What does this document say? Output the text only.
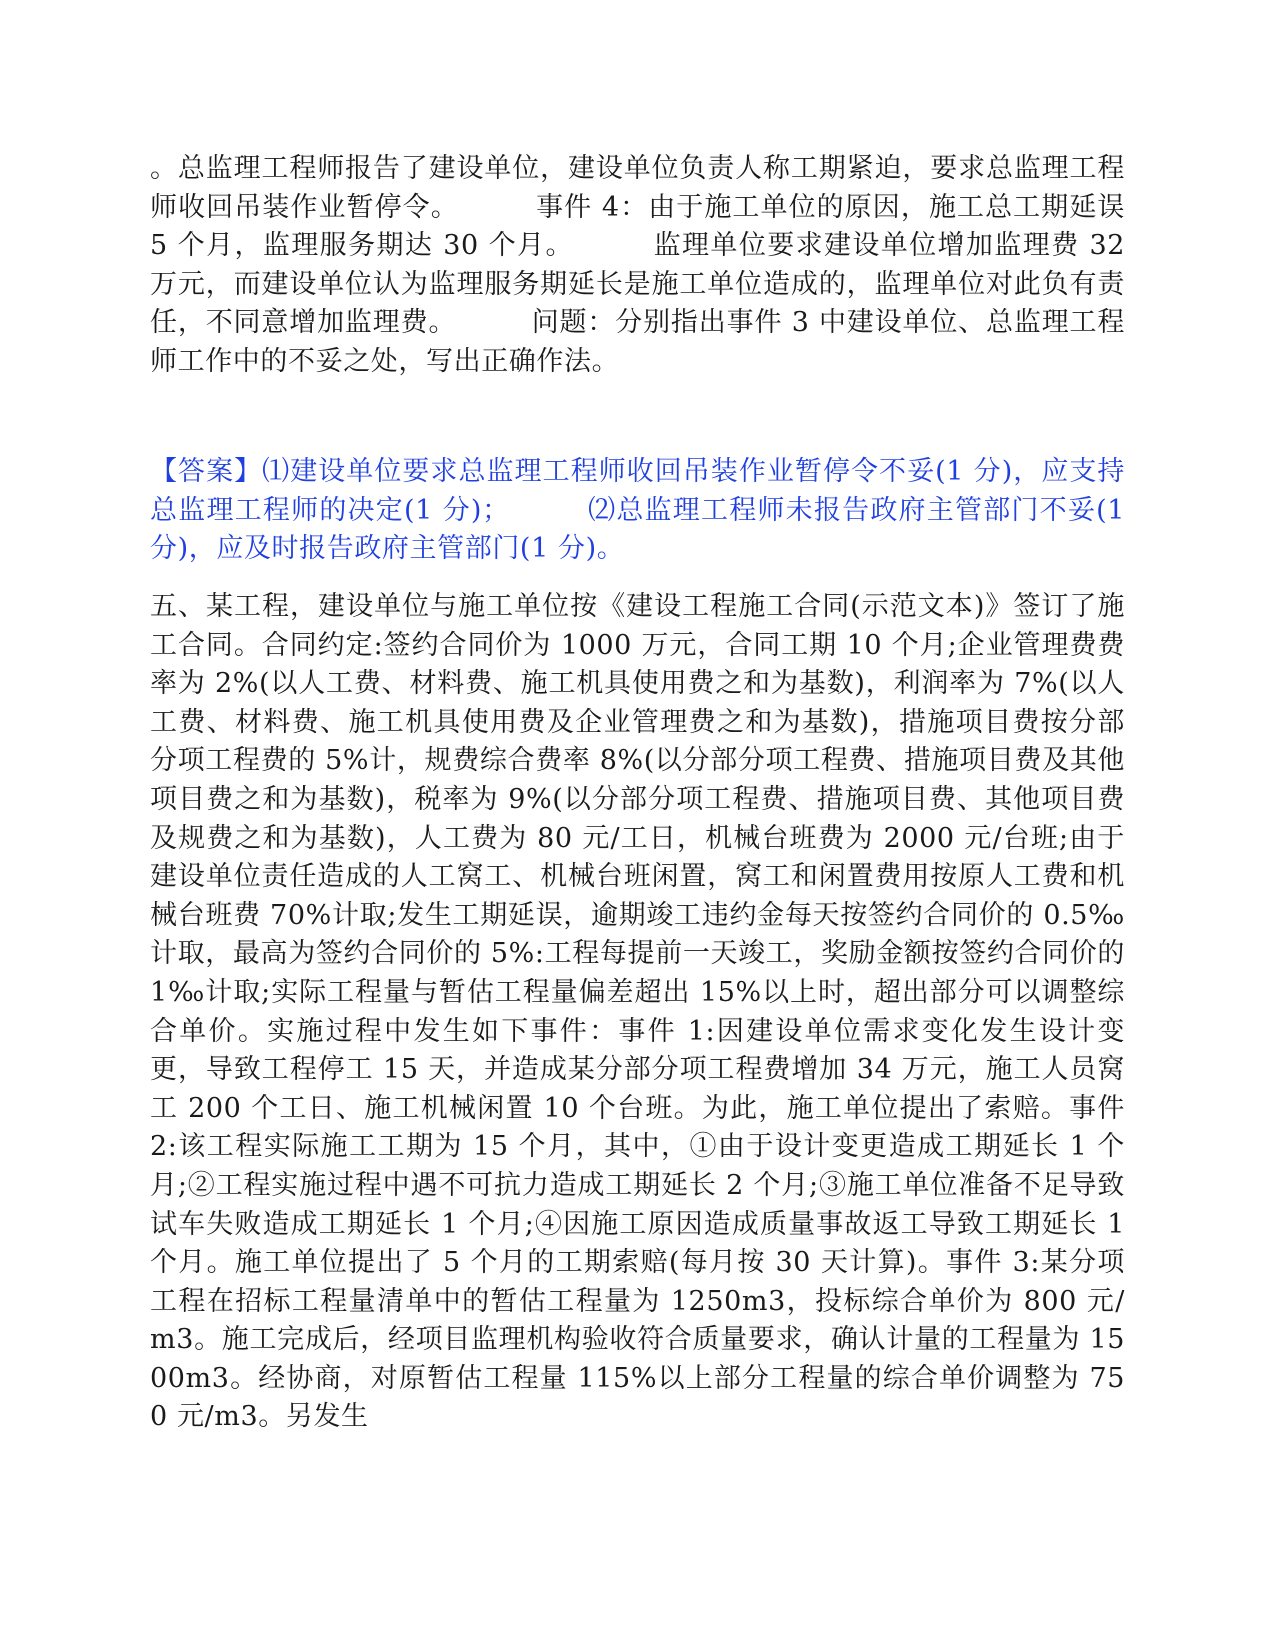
。总监理工程师报告了建设单位，建设单位负责人称工期紧迫，要求总监理工程师收回吊装作业暂停令。        事件 4：由于施工单位的原因，施工总工期延误 5 个月，监理服务期达 30 个月。        监理单位要求建设单位增加监理费 32 万元，而建设单位认为监理服务期延长是施工单位造成的，监理单位对此负有责任，不同意增加监理费。        问题：分别指出事件 3 中建设单位、总监理工程师工作中的不妥之处，写出正确作法。
【答案】⑴建设单位要求总监理工程师收回吊装作业暂停令不妥(1 分)，应支持总监理工程师的决定(1 分)；        ⑵总监理工程师未报告政府主管部门不妥(1 分)，应及时报告政府主管部门(1 分)。
五、某工程，建设单位与施工单位按《建设工程施工合同(示范文本)》签订了施工合同。合同约定:签约合同价为 1000 万元，合同工期 10 个月;企业管理费费率为 2%(以人工费、材料费、施工机具使用费之和为基数)，利润率为 7%(以人工费、材料费、施工机具使用费及企业管理费之和为基数)，措施项目费按分部分项工程费的 5%计，规费综合费率 8%(以分部分项工程费、措施项目费及其他项目费之和为基数)，税率为 9%(以分部分项工程费、措施项目费、其他项目费及规费之和为基数)，人工费为 80 元/工日，机械台班费为 2000 元/台班;由于建设单位责任造成的人工窝工、机械台班闲置，窝工和闲置费用按原人工费和机械台班费 70%计取;发生工期延误，逾期竣工违约金每天按签约合同价的 0.5‰计取，最高为签约合同价的 5%:工程每提前一天竣工，奖励金额按签约合同价的 1‰计取;实际工程量与暂估工程量偏差超出 15%以上时，超出部分可以调整综合单价。实施过程中发生如下事件：事件 1:因建设单位需求变化发生设计变更，导致工程停工 15 天，并造成某分部分项工程费增加 34 万元，施工人员窝工 200 个工日、施工机械闲置 10 个台班。为此，施工单位提出了索赔。事件 2:该工程实际施工工期为 15 个月，其中，①由于设计变更造成工期延长 1 个月;②工程实施过程中遇不可抗力造成工期延长 2 个月;③施工单位准备不足导致试车失败造成工期延长 1 个月;④因施工原因造成质量事故返工导致工期延长 1 个月。施工单位提出了 5 个月的工期索赔(每月按 30 天计算)。事件 3:某分项工程在招标工程量清单中的暂估工程量为 1250m3，投标综合单价为 800 元/m3。施工完成后，经项目监理机构验收符合质量要求，确认计量的工程量为 1500m3。经协商，对原暂估工程量 115%以上部分工程量的综合单价调整为 750 元/m3。另发生
